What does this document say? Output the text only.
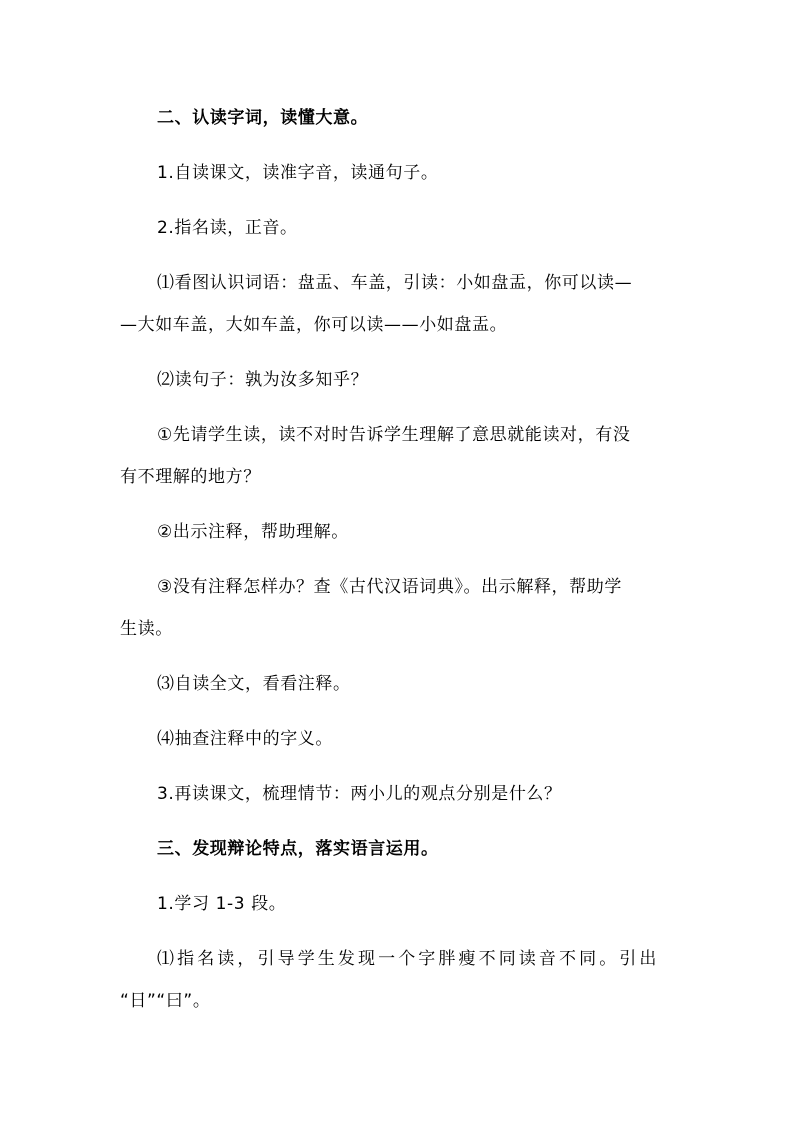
二、认读字词，读懂大意。
1.自读课文，读准字音，读通句子。
2.指名读，正音。
⑴看图认识词语：盘盂、车盖，引读：小如盘盂，你可以读—
—大如车盖，大如车盖，你可以读——小如盘盂。
⑵读句子：孰为汝多知乎？
①先请学生读，读不对时告诉学生理解了意思就能读对，有没
有不理解的地方？
②出示注释，帮助理解。
③没有注释怎样办？查《古代汉语词典》。出示解释，帮助学
生读。
⑶自读全文，看看注释。
⑷抽查注释中的字义。
3.再读课文，梳理情节：两小儿的观点分别是什么？
三、发现辩论特点，落实语言运用。
1.学习 1-3 段。
⑴指名读，引导学生发现一个字胖瘦不同读音不同。引出
“日”“曰”。
